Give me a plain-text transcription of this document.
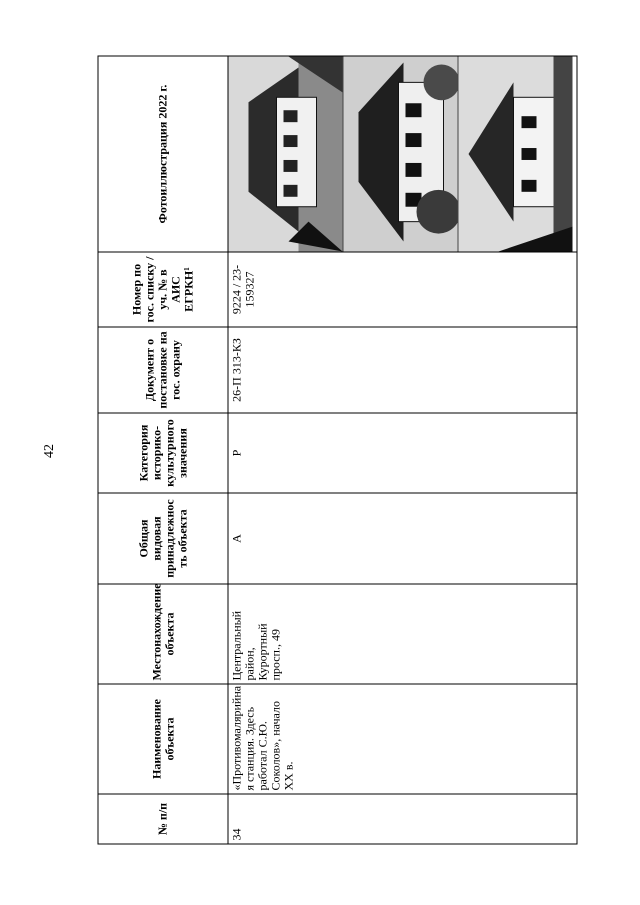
42
№ п/п	Наименование объекта	Местонахождение объекта	Общая видовая принадлежнос ть объекта	Категория историко-культурного значения	Документ о постановке на гос. охрану	Номер по гос. списку /уч. № в АИС ЕГРКН¹	Фотоиллюстрация 2022 г.
34	«Противомалярийна я станция. Здесь работал С.Ю. Соколов», начало XX в.	Центральный район, Курортный просп., 49	А	Р	26-П 313-КЗ	9224 / 23-159327	
